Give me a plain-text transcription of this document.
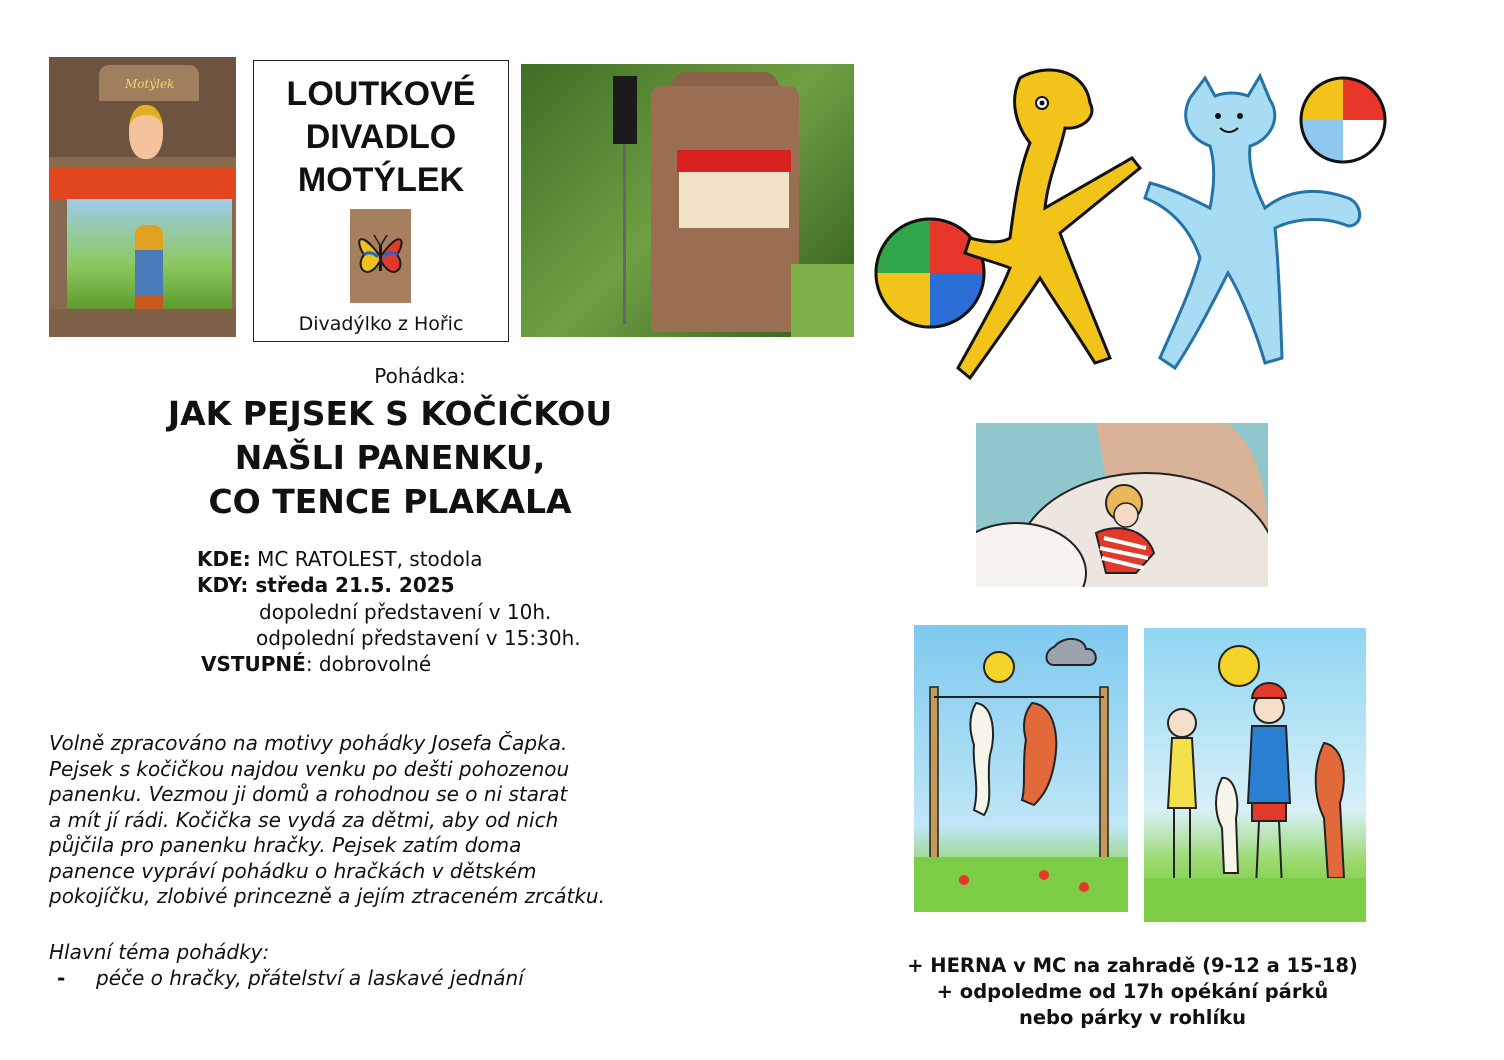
Motýlek	LOUTKOVÉ
DIVADLO
MOTÝLEK
Divadýlko z Hořic
Pohádka:
JAK PEJSEK S KOČIČKOU
NAŠLI PANENKU,
CO TENCE PLAKALA
KDE: MC RATOLEST, stodola
KDY: středa 21.5. 2025
dopolední představení v 10h.
odpolední představení v 15:30h.
VSTUPNÉ: dobrovolné
Volně zpracováno na motivy pohádky Josefa Čapka.
Pejsek s kočičkou najdou venku po dešti pohozenou
panenku. Vezmou ji domů a rohodnou se o ni starat
a mít jí rádi. Kočička se vydá za dětmi, aby od nich
půjčila pro panenku hračky. Pejsek zatím doma
panence vypráví pohádku o hračkách v dětském
pokojíčku, zlobivé princezně a jejím ztraceném zrcátku.
Hlavní téma pohádky:
- péče o hračky, přátelství a laskavé jednání
+ HERNA v MC na zahradě (9-12 a 15-18)
+ odpoledme od 17h opékání párků
nebo párky v rohlíku
